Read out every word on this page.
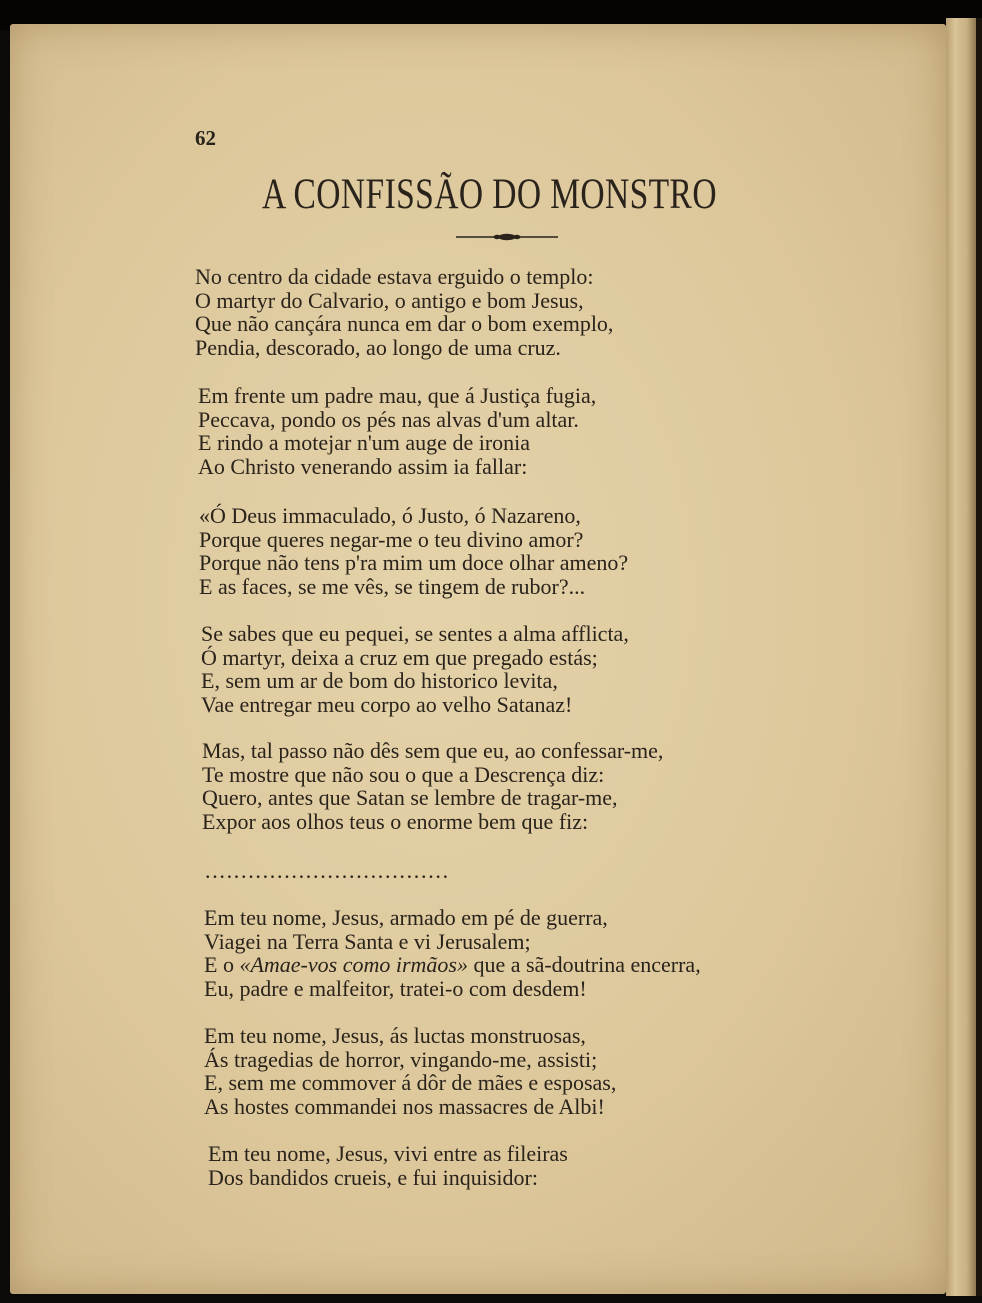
62
A CONFISSÃO DO MONSTRO
No centro da cidade estava erguido o templo:
O martyr do Calvario, o antigo e bom Jesus,
Que não cançára nunca em dar o bom exemplo,
Pendia, descorado, ao longo de uma cruz.
Em frente um padre mau, que á Justiça fugia,
Peccava, pondo os pés nas alvas d'um altar.
E rindo a motejar n'um auge de ironia
Ao Christo venerando assim ia fallar:
«Ó Deus immaculado, ó Justo, ó Nazareno,
Porque queres negar-me o teu divino amor?
Porque não tens p'ra mim um doce olhar ameno?
E as faces, se me vês, se tingem de rubor?...
Se sabes que eu pequei, se sentes a alma afflicta,
Ó martyr, deixa a cruz em que pregado estás;
E, sem um ar de bom do historico levita,
Vae entregar meu corpo ao velho Satanaz!
Mas, tal passo não dês sem que eu, ao confessar-me,
Te mostre que não sou o que a Descrença diz:
Quero, antes que Satan se lembre de tragar-me,
Expor aos olhos teus o enorme bem que fiz:
..................................
Em teu nome, Jesus, armado em pé de guerra,
Viagei na Terra Santa e vi Jerusalem;
E o «Amae-vos como irmãos» que a sã-doutrina encerra,
Eu, padre e malfeitor, tratei-o com desdem!
Em teu nome, Jesus, ás luctas monstruosas,
Ás tragedias de horror, vingando-me, assisti;
E, sem me commover á dôr de mães e esposas,
As hostes commandei nos massacres de Albi!
Em teu nome, Jesus, vivi entre as fileiras
Dos bandidos crueis, e fui inquisidor:
